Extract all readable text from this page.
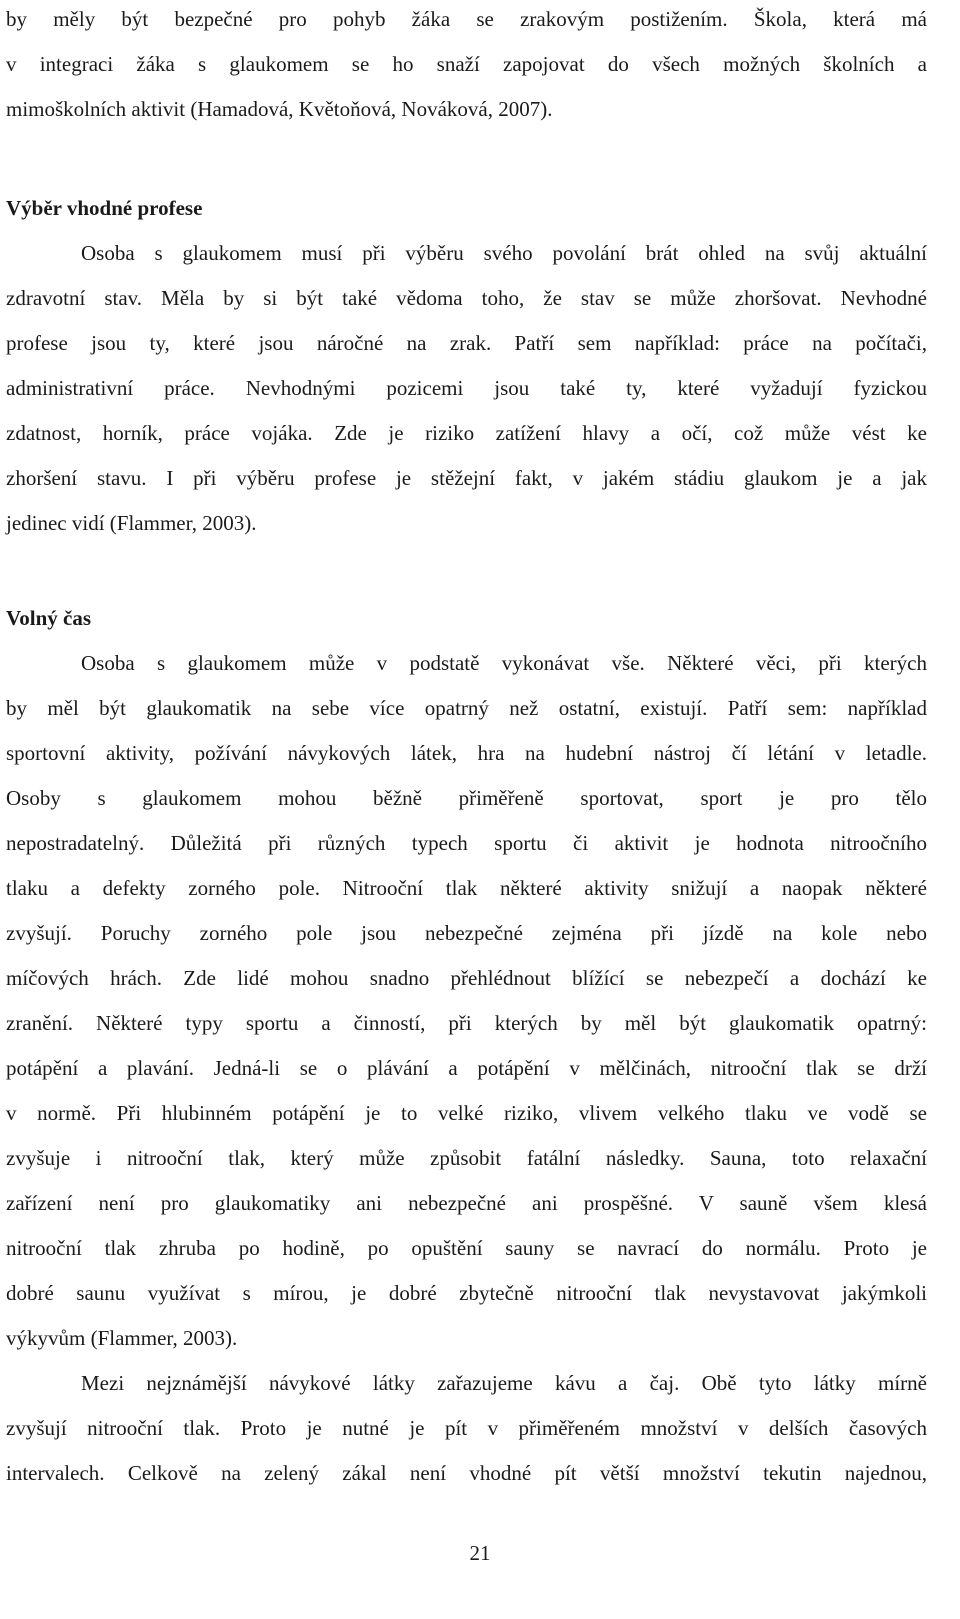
by měly být bezpečné pro pohyb žáka se zrakovým postižením. Škola, která má
v integraci žáka s glaukomem se ho snaží zapojovat do všech možných školních a
mimoškolních aktivit (Hamadová, Květoňová, Nováková, 2007).
Výběr vhodné profese
Osoba s glaukomem musí při výběru svého povolání brát ohled na svůj aktuální
zdravotní stav. Měla by si být také vědoma toho, že stav se může zhoršovat. Nevhodné
profese jsou ty, které jsou náročné na zrak. Patří sem například: práce na počítači,
administrativní práce. Nevhodnými pozicemi jsou také ty, které vyžadují fyzickou
zdatnost, horník, práce vojáka. Zde je riziko zatížení hlavy a očí, což může vést ke
zhoršení stavu. I při výběru profese je stěžejní fakt, v jakém stádiu glaukom je a jak
jedinec vidí (Flammer, 2003).
Volný čas
Osoba s glaukomem může v podstatě vykonávat vše. Některé věci, při kterých
by měl být glaukomatik na sebe více opatrný než ostatní, existují. Patří sem: například
sportovní aktivity, požívání návykových látek, hra na hudební nástroj čí létání v letadle.
Osoby s glaukomem mohou běžně přiměřeně sportovat, sport je pro tělo
nepostradatelný. Důležitá při různých typech sportu či aktivit je hodnota nitroočního
tlaku a defekty zorného pole. Nitrooční tlak některé aktivity snižují a naopak některé
zvyšují. Poruchy zorného pole jsou nebezpečné zejména při jízdě na kole nebo
míčových hrách. Zde lidé mohou snadno přehlédnout blížící se nebezpečí a dochází ke
zranění. Některé typy sportu a činností, při kterých by měl být glaukomatik opatrný:
potápění a plavání. Jedná-li se o plávání a potápění v mělčinách, nitrooční tlak se drží
v normě. Při hlubinném potápění je to velké riziko, vlivem velkého tlaku ve vodě se
zvyšuje i nitrooční tlak, který může způsobit fatální následky. Sauna, toto relaxační
zařízení není pro glaukomatiky ani nebezpečné ani prospěšné. V sauně všem klesá
nitrooční tlak zhruba po hodině, po opuštění sauny se navrací do normálu. Proto je
dobré saunu využívat s mírou, je dobré zbytečně nitrooční tlak nevystavovat jakýmkoli
výkyvům (Flammer, 2003).
Mezi nejznámější návykové látky zařazujeme kávu a čaj. Obě tyto látky mírně
zvyšují nitrooční tlak. Proto je nutné je pít v přiměřeném množství v delších časových
intervalech. Celkově na zelený zákal není vhodné pít větší množství tekutin najednou,
21
